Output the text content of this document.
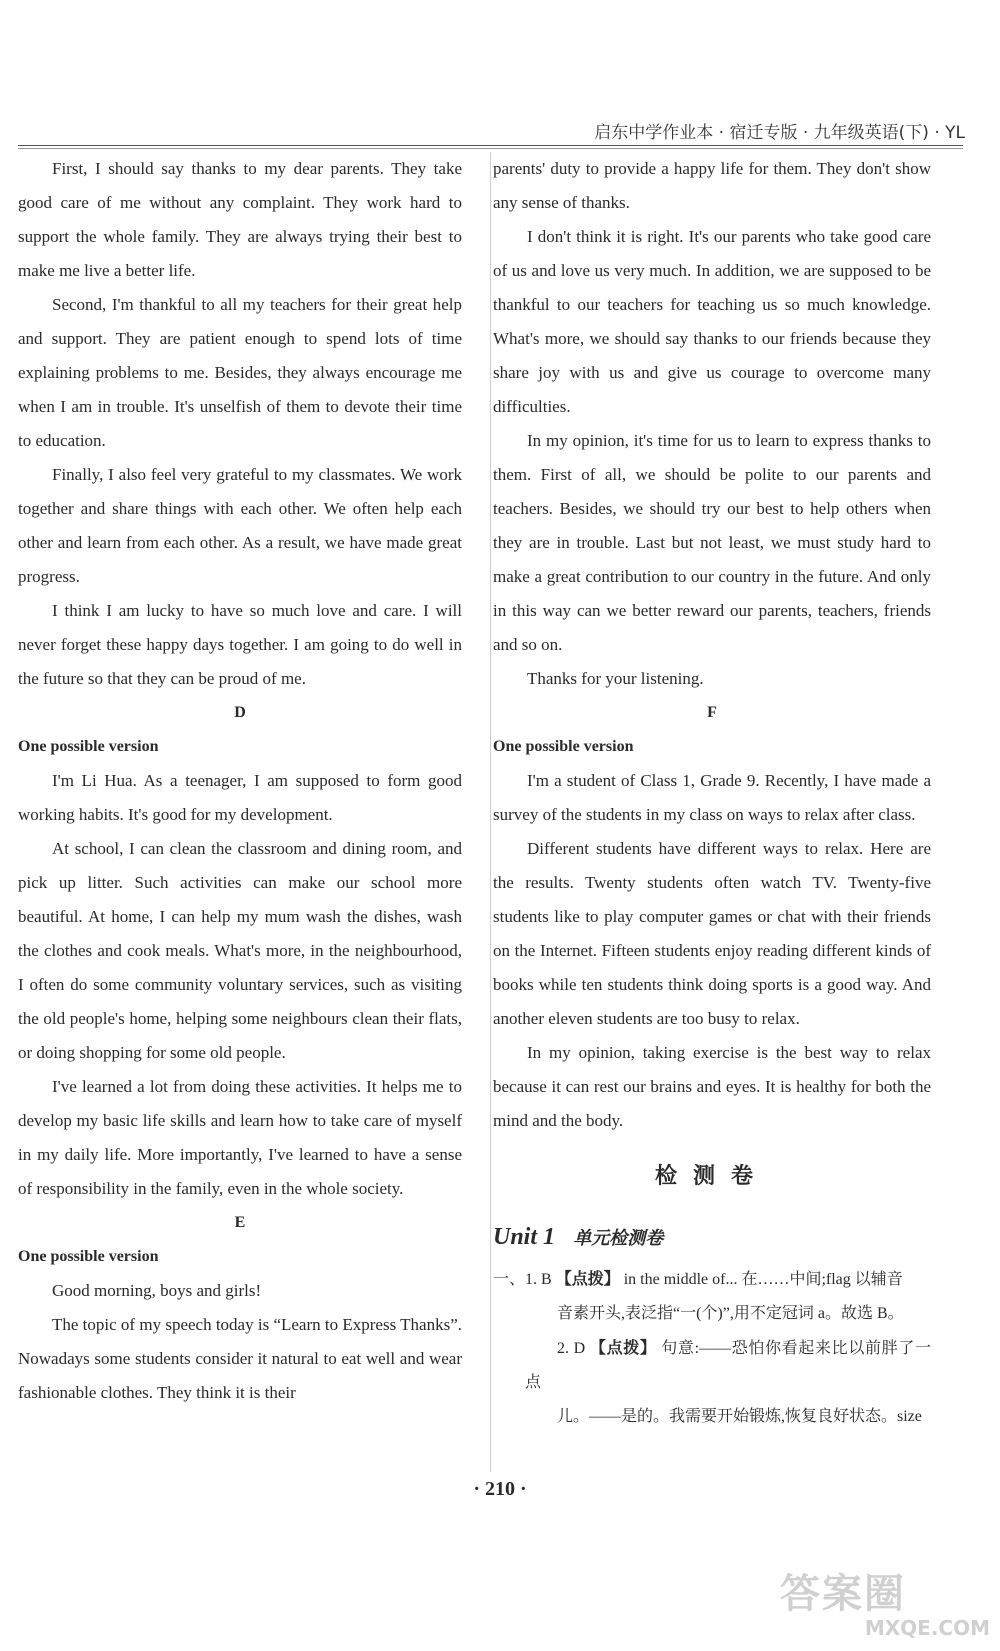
启东中学作业本 · 宿迁专版 · 九年级英语(下) · YL

First, I should say thanks to my dear parents. They take good care of me without any complaint. They work hard to support the whole family. They are always trying their best to make me live a better life.

Second, I'm thankful to all my teachers for their great help and support. They are patient enough to spend lots of time explaining problems to me. Besides, they always encourage me when I am in trouble. It's unselfish of them to devote their time to education.

Finally, I also feel very grateful to my classmates. We work together and share things with each other. We often help each other and learn from each other. As a result, we have made great progress.

I think I am lucky to have so much love and care. I will never forget these happy days together. I am going to do well in the future so that they can be proud of me.

D
One possible version

I'm Li Hua. As a teenager, I am supposed to form good working habits. It's good for my development.

At school, I can clean the classroom and dining room, and pick up litter. Such activities can make our school more beautiful. At home, I can help my mum wash the dishes, wash the clothes and cook meals. What's more, in the neighbourhood, I often do some community voluntary services, such as visiting the old people's home, helping some neighbours clean their flats, or doing shopping for some old people.

I've learned a lot from doing these activities. It helps me to develop my basic life skills and learn how to take care of myself in my daily life. More importantly, I've learned to have a sense of responsibility in the family, even in the whole society.

E
One possible version

Good morning, boys and girls!

The topic of my speech today is “Learn to Express Thanks”. Nowadays some students consider it natural to eat well and wear fashionable clothes. They think it is their

parents' duty to provide a happy life for them. They don't show any sense of thanks.

I don't think it is right. It's our parents who take good care of us and love us very much. In addition, we are supposed to be thankful to our teachers for teaching us so much knowledge. What's more, we should say thanks to our friends because they share joy with us and give us courage to overcome many difficulties.

In my opinion, it's time for us to learn to express thanks to them. First of all, we should be polite to our parents and teachers. Besides, we should try our best to help others when they are in trouble. Last but not least, we must study hard to make a great contribution to our country in the future. And only in this way can we better reward our parents, teachers, friends and so on.

Thanks for your listening.

F
One possible version

I'm a student of Class 1, Grade 9. Recently, I have made a survey of the students in my class on ways to relax after class.

Different students have different ways to relax. Here are the results. Twenty students often watch TV. Twenty-five students like to play computer games or chat with their friends on the Internet. Fifteen students enjoy reading different kinds of books while ten students think doing sports is a good way. And another eleven students are too busy to relax.

In my opinion, taking exercise is the best way to relax because it can rest our brains and eyes. It is healthy for both the mind and the body.

检测卷
Unit 1 单元检测卷

一、1. B 【点拨】 in the middle of... 在……中间;flag 以辅音

音素开头,表泛指“一(个)”,用不定冠词 a。故选 B。

2. D 【点拨】 句意:——恐怕你看起来比以前胖了一点

儿。——是的。我需要开始锻炼,恢复良好状态。size

· 210 ·
答案圈
MXQE.COM
